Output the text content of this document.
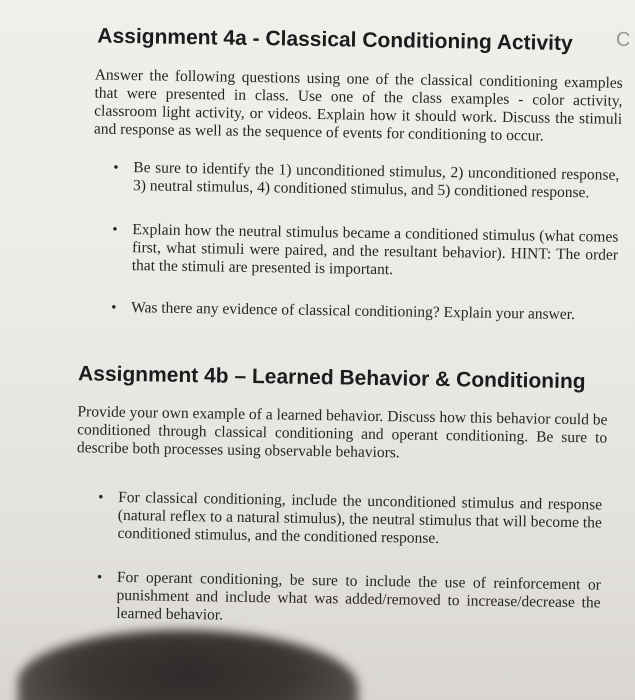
C
Assignment 4a - Classical Conditioning Activity

Answer the following questions using one of the classical conditioning examples that were presented in class. Use one of the class examples - color activity, classroom light activity, or videos. Explain how it should work. Discuss the stimuli and response as well as the sequence of events for conditioning to occur.

• Be sure to identify the 1) unconditioned stimulus, 2) unconditioned response, 3) neutral stimulus, 4) conditioned stimulus, and 5) conditioned response.
• Explain how the neutral stimulus became a conditioned stimulus (what comes first, what stimuli were paired, and the resultant behavior). HINT: The order that the stimuli are presented is important.
• Was there any evidence of classical conditioning? Explain your answer.
Assignment 4b – Learned Behavior & Conditioning

Provide your own example of a learned behavior. Discuss how this behavior could be conditioned through classical conditioning and operant conditioning. Be sure to describe both processes using observable behaviors.

• For classical conditioning, include the unconditioned stimulus and response (natural reflex to a natural stimulus), the neutral stimulus that will become the conditioned stimulus, and the conditioned response.
• For operant conditioning, be sure to include the use of reinforcement or punishment and include what was added/removed to increase/decrease the learned behavior.
